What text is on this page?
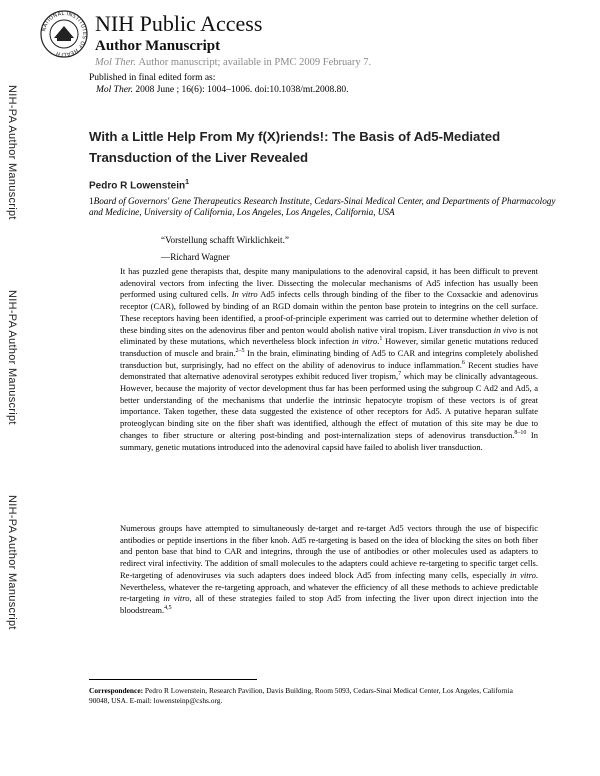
NATIONAL INSTITUTES OF HEALTH
NIH Public Access
Author Manuscript
Mol Ther. Author manuscript; available in PMC 2009 February 7.
Published in final edited form as:
Mol Ther. 2008 June ; 16(6): 1004–1006. doi:10.1038/mt.2008.80.
NIH-PA Author Manuscript
NIH-PA Author Manuscript
NIH-PA Author Manuscript
With a Little Help From My f(X)riends!: The Basis of Ad5-Mediated Transduction of the Liver Revealed
Pedro R Lowenstein$^1$
1Board of Governors' Gene Therapeutics Research Institute, Cedars-Sinai Medical Center, and Departments of Pharmacology and Medicine, University of California, Los Angeles, Los Angeles, California, USA
“Vorstellung schafft Wirklichkeit.”
—Richard Wagner

It has puzzled gene therapists that, despite many manipulations to the adenoviral capsid, it has been difficult to prevent adenoviral vectors from infecting the liver. Dissecting the molecular mechanisms of Ad5 infection has usually been performed using cultured cells. In vitro Ad5 infects cells through binding of the fiber to the Coxsackie and adenovirus receptor (CAR), followed by binding of an RGD domain within the penton base protein to integrins on the cell surface. These receptors having been identified, a proof-of-principle experiment was carried out to determine whether deletion of these binding sites on the adenovirus fiber and penton would abolish native viral tropism. Liver transduction in vivo is not eliminated by these mutations, which nevertheless block infection in vitro.$^1$ However, similar genetic mutations reduced transduction of muscle and brain.$^{2-5}$ In the brain, eliminating binding of Ad5 to CAR and integrins completely abolished transduction but, surprisingly, had no effect on the ability of adenovirus to induce inflammation.$^6$ Recent studies have demonstrated that alternative adenoviral serotypes exhibit reduced liver tropism,$^7$ which may be clinically advantageous. However, because the majority of vector development thus far has been performed using the subgroup C Ad2 and Ad5, a better understanding of the mechanisms that underlie the intrinsic hepatocyte tropism of these vectors is of great importance. Taken together, these data suggested the existence of other receptors for Ad5. A putative heparan sulfate proteoglycan binding site on the fiber shaft was identified, although the effect of mutation of this site may be due to changes to fiber structure or altering post-binding and post-internalization steps of adenovirus transduction.$^{8-10}$ In summary, genetic mutations introduced into the adenoviral capsid have failed to abolish liver transduction.

Numerous groups have attempted to simultaneously de-target and re-target Ad5 vectors through the use of bispecific antibodies or peptide insertions in the fiber knob. Ad5 re-targeting is based on the idea of blocking the sites on both fiber and penton base that bind to CAR and integrins, through the use of antibodies or other molecules used as adapters to redirect viral infectivity. The addition of small molecules to the adapters could achieve re-targeting to specific target cells. Re-targeting of adenoviruses via such adapters does indeed block Ad5 from infecting many cells, especially in vitro. Nevertheless, whatever the re-targeting approach, and whatever the efficiency of all these methods to achieve predictable re-targeting in vitro, all of these strategies failed to stop Ad5 from infecting the liver upon direct injection into the bloodstream.$^{4,5}$

Correspondence: Pedro R Lowenstein, Research Pavilion, Davis Building, Room 5093, Cedars-Sinai Medical Center, Los Angeles, California 90048, USA. E-mail: lowensteinp@cshs.org.
